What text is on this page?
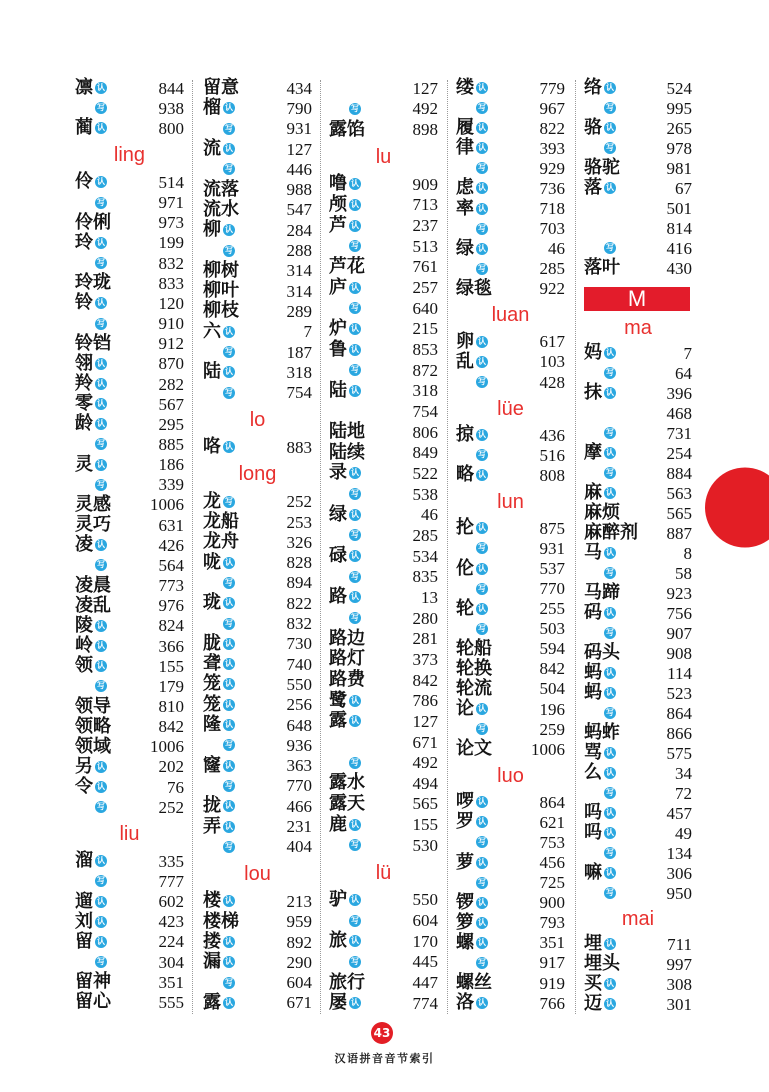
凛 认	844
写	938
蔺 认	800
ling
伶 认	514
写	971
伶俐	973
玲 认	199
写	832
玲珑	833
铃 认	120
写	910
铃铛	912
翎 认	870
羚 认	282
零 认	567
龄 认	295
写	885
灵 认	186
写	339
灵感 1006
灵巧	631
凌 认	426
写	564
凌晨	773
凌乱	976
陵 认	824
岭 认	366
领 认	155
写	179
领导	810
领略	842
领域 1006
另 认	202
令 认	76
写	252
liu
溜 认	335
写	777
遛 认	602
刘 认	423
留 认	224
写	304
留神	351
留心	555
留意	434
榴 认	790
写	931
流 认	127
写	446
流落	988
流水	547
柳 认	284
写	288
柳树	314
柳叶	314
柳枝	289
六 认	7
写	187
陆 认	318
写	754
lo
咯 认	883
long
龙 写	252
龙船	253
龙舟	326
咙 认	828
写	894
珑 认	822
写	832
胧 认	730
聋 认	740
笼 认	550
笼 认	256
隆 认	648
写	936
窿 认	363
写	770
拢 认	466
弄 认	231
写	404
lou
楼 认	213
楼梯	959
搂 认	892
漏 认	290
写	604
露 认	671
127
写	492
露馅	898
lu
噜 认	909
颅 认	713
芦 认	237
写	513
芦花	761
庐 认	257
写	640
炉 认	215
鲁 认	853
写	872
陆 认	318
754
陆地	806
陆续	849
录 认	522
写	538
绿 认	46
写	285
碌 认	534
写	835
路 认	13
写	280
路边	281
路灯	373
路费	842
鹭 认	786
露 认	127
671
写	492
露水	494
露天	565
鹿 认	155
写	530
lü
驴 认	550
写	604
旅 认	170
写	445
旅行	447
屡 认	774
缕 认	779
写	967
履 认	822
律 认	393
写	929
虑 认	736
率 认	718
写	703
绿 认	46
写	285
绿毯	922
luan
卵 认	617
乱 认	103
写	428
lüe
掠 认	436
写	516
略 认	808
lun
抡 认	875
写	931
伦 认	537
写	770
轮 认	255
写	503
轮船	594
轮换	842
轮流	504
论 认	196
写	259
论文 1006
luo
啰 认	864
罗 认	621
写	753
萝 认	456
写	725
锣 认	900
箩 认	793
螺 认	351
写	917
螺丝	919
洛 认	766
络 认	524
写	995
骆 认	265
写	978
骆驼	981
落 认	67
501
814
写	416
落叶	430
M
ma
妈 认	7
写	64
抹 认	396
468
写	731
摩 认	254
写	884
麻 认	563
麻烦	565
麻醉剂 887
马 认	8
写	58
马蹄	923
码 认	756
写	907
码头	908
蚂 认	114
蚂 认	523
写	864
蚂蚱	866
骂 认	575
么 认	34
写	72
吗 认	457
吗 认	49
写	134
嘛 认	306
写	950
mai
埋 认	711
埋头	997
买 认	308
迈 认	301
43
汉语拼音音节索引
